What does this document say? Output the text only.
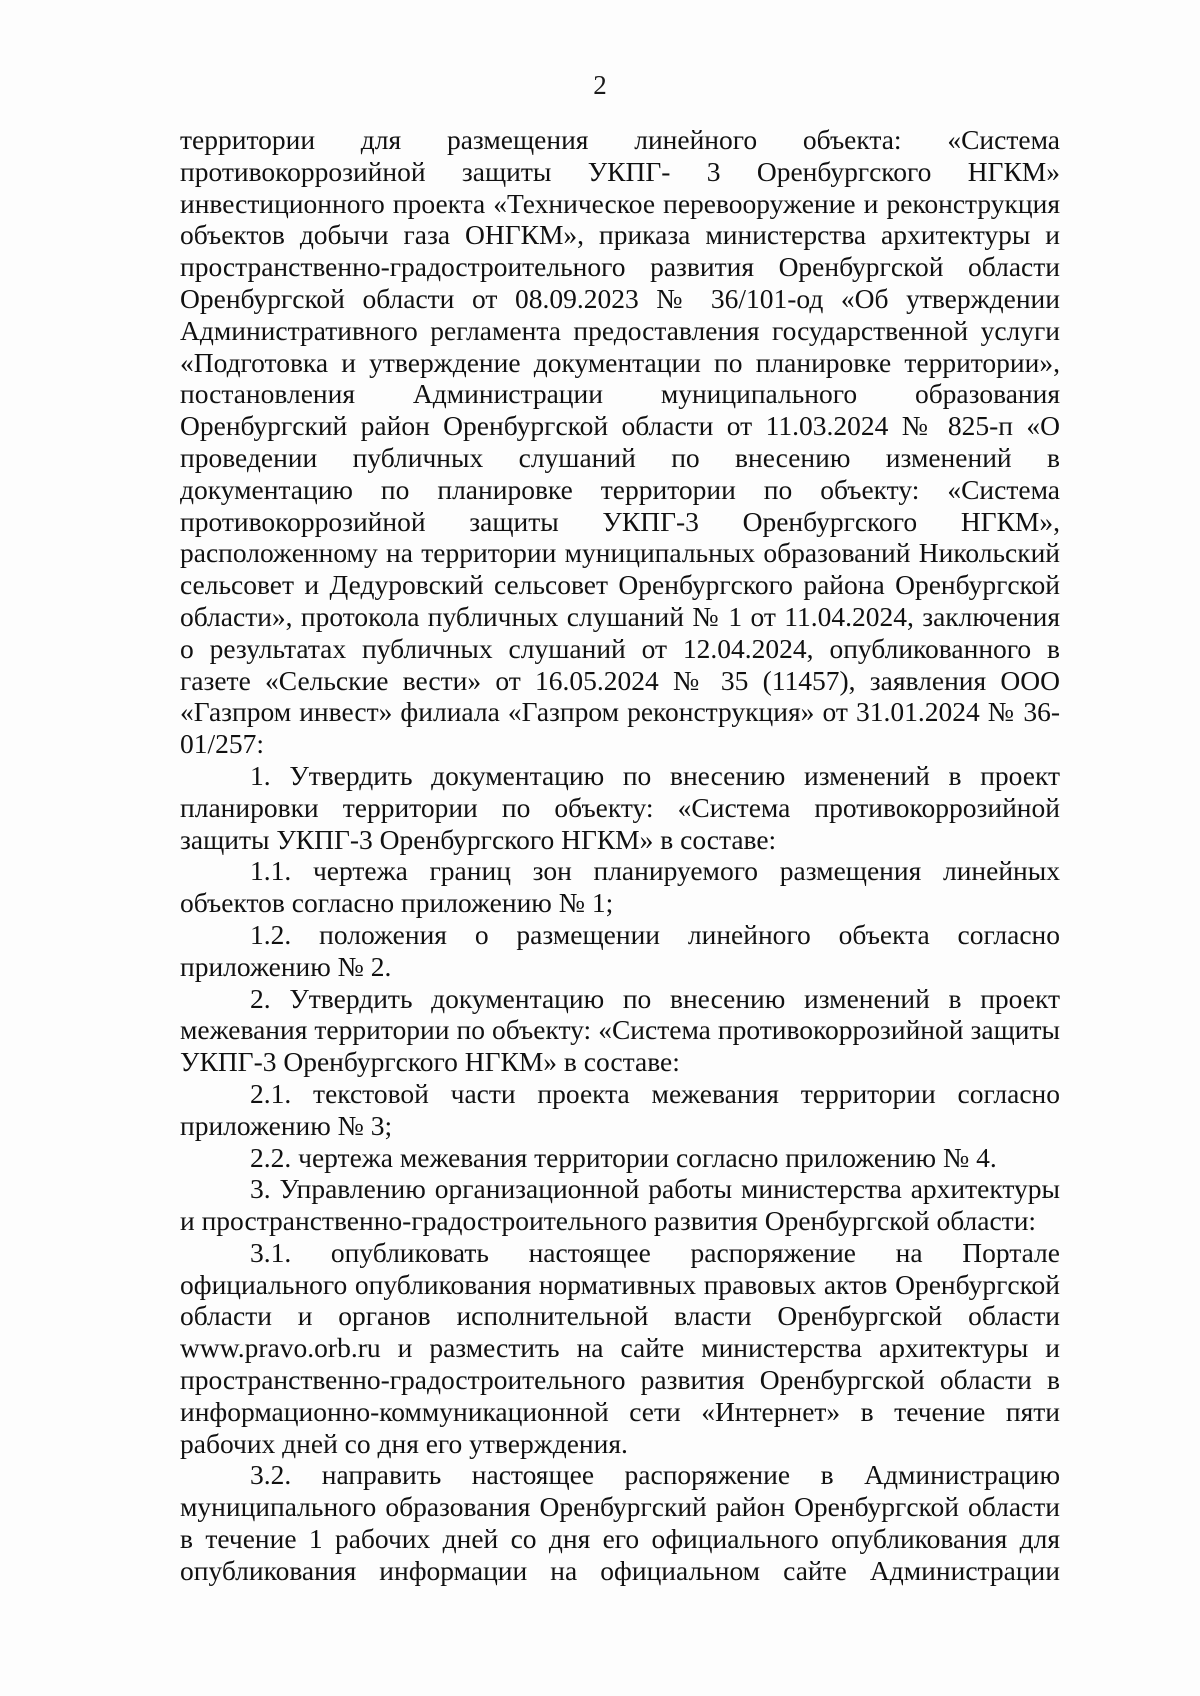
2

территории для размещения линейного объекта: «Система противокоррозийной защиты УКПГ- 3 Оренбургского НГКМ» инвестиционного проекта «Техническое перевооружение и реконструкция объектов добычи газа ОНГКМ», приказа министерства архитектуры и пространственно-градостроительного развития Оренбургской области Оренбургской области от 08.09.2023 № 36/101-од «Об утверждении Административного регламента предоставления государственной услуги «Подготовка и утверждение документации по планировке территории», постановления Администрации муниципального образования Оренбургский район Оренбургской области от 11.03.2024 № 825-п «О проведении публичных слушаний по внесению изменений в документацию по планировке территории по объекту: «Система противокоррозийной защиты УКПГ-3 Оренбургского НГКМ», расположенному на территории муниципальных образований Никольский сельсовет и Дедуровский сельсовет Оренбургского района Оренбургской области», протокола публичных слушаний № 1 от 11.04.2024, заключения о результатах публичных слушаний от 12.04.2024, опубликованного в газете «Сельские вести» от 16.05.2024 № 35 (11457), заявления ООО «Газпром инвест» филиала «Газпром реконструкция» от 31.01.2024 № 36-01/257:

1. Утвердить документацию по внесению изменений в проект планировки территории по объекту: «Система противокоррозийной защиты УКПГ-3 Оренбургского НГКМ» в составе:

1.1. чертежа границ зон планируемого размещения линейных объектов согласно приложению № 1;

1.2. положения о размещении линейного объекта согласно приложению № 2.

2. Утвердить документацию по внесению изменений в проект межевания территории по объекту: «Система противокоррозийной защиты УКПГ-3 Оренбургского НГКМ» в составе:

2.1. текстовой части проекта межевания территории согласно приложению № 3;

2.2. чертежа межевания территории согласно приложению № 4.

3. Управлению организационной работы министерства архитектуры и пространственно-градостроительного развития Оренбургской области:

3.1. опубликовать настоящее распоряжение на Портале официального опубликования нормативных правовых актов Оренбургской области и органов исполнительной власти Оренбургской области www.pravo.orb.ru и разместить на сайте министерства архитектуры и пространственно-градостроительного развития Оренбургской области в информационно-коммуникационной сети «Интернет» в течение пяти рабочих дней со дня его утверждения.

3.2. направить настоящее распоряжение в Администрацию муниципального образования Оренбургский район Оренбургской области в течение 1 рабочих дней со дня его официального опубликования для опубликования информации на официальном сайте Администрации
